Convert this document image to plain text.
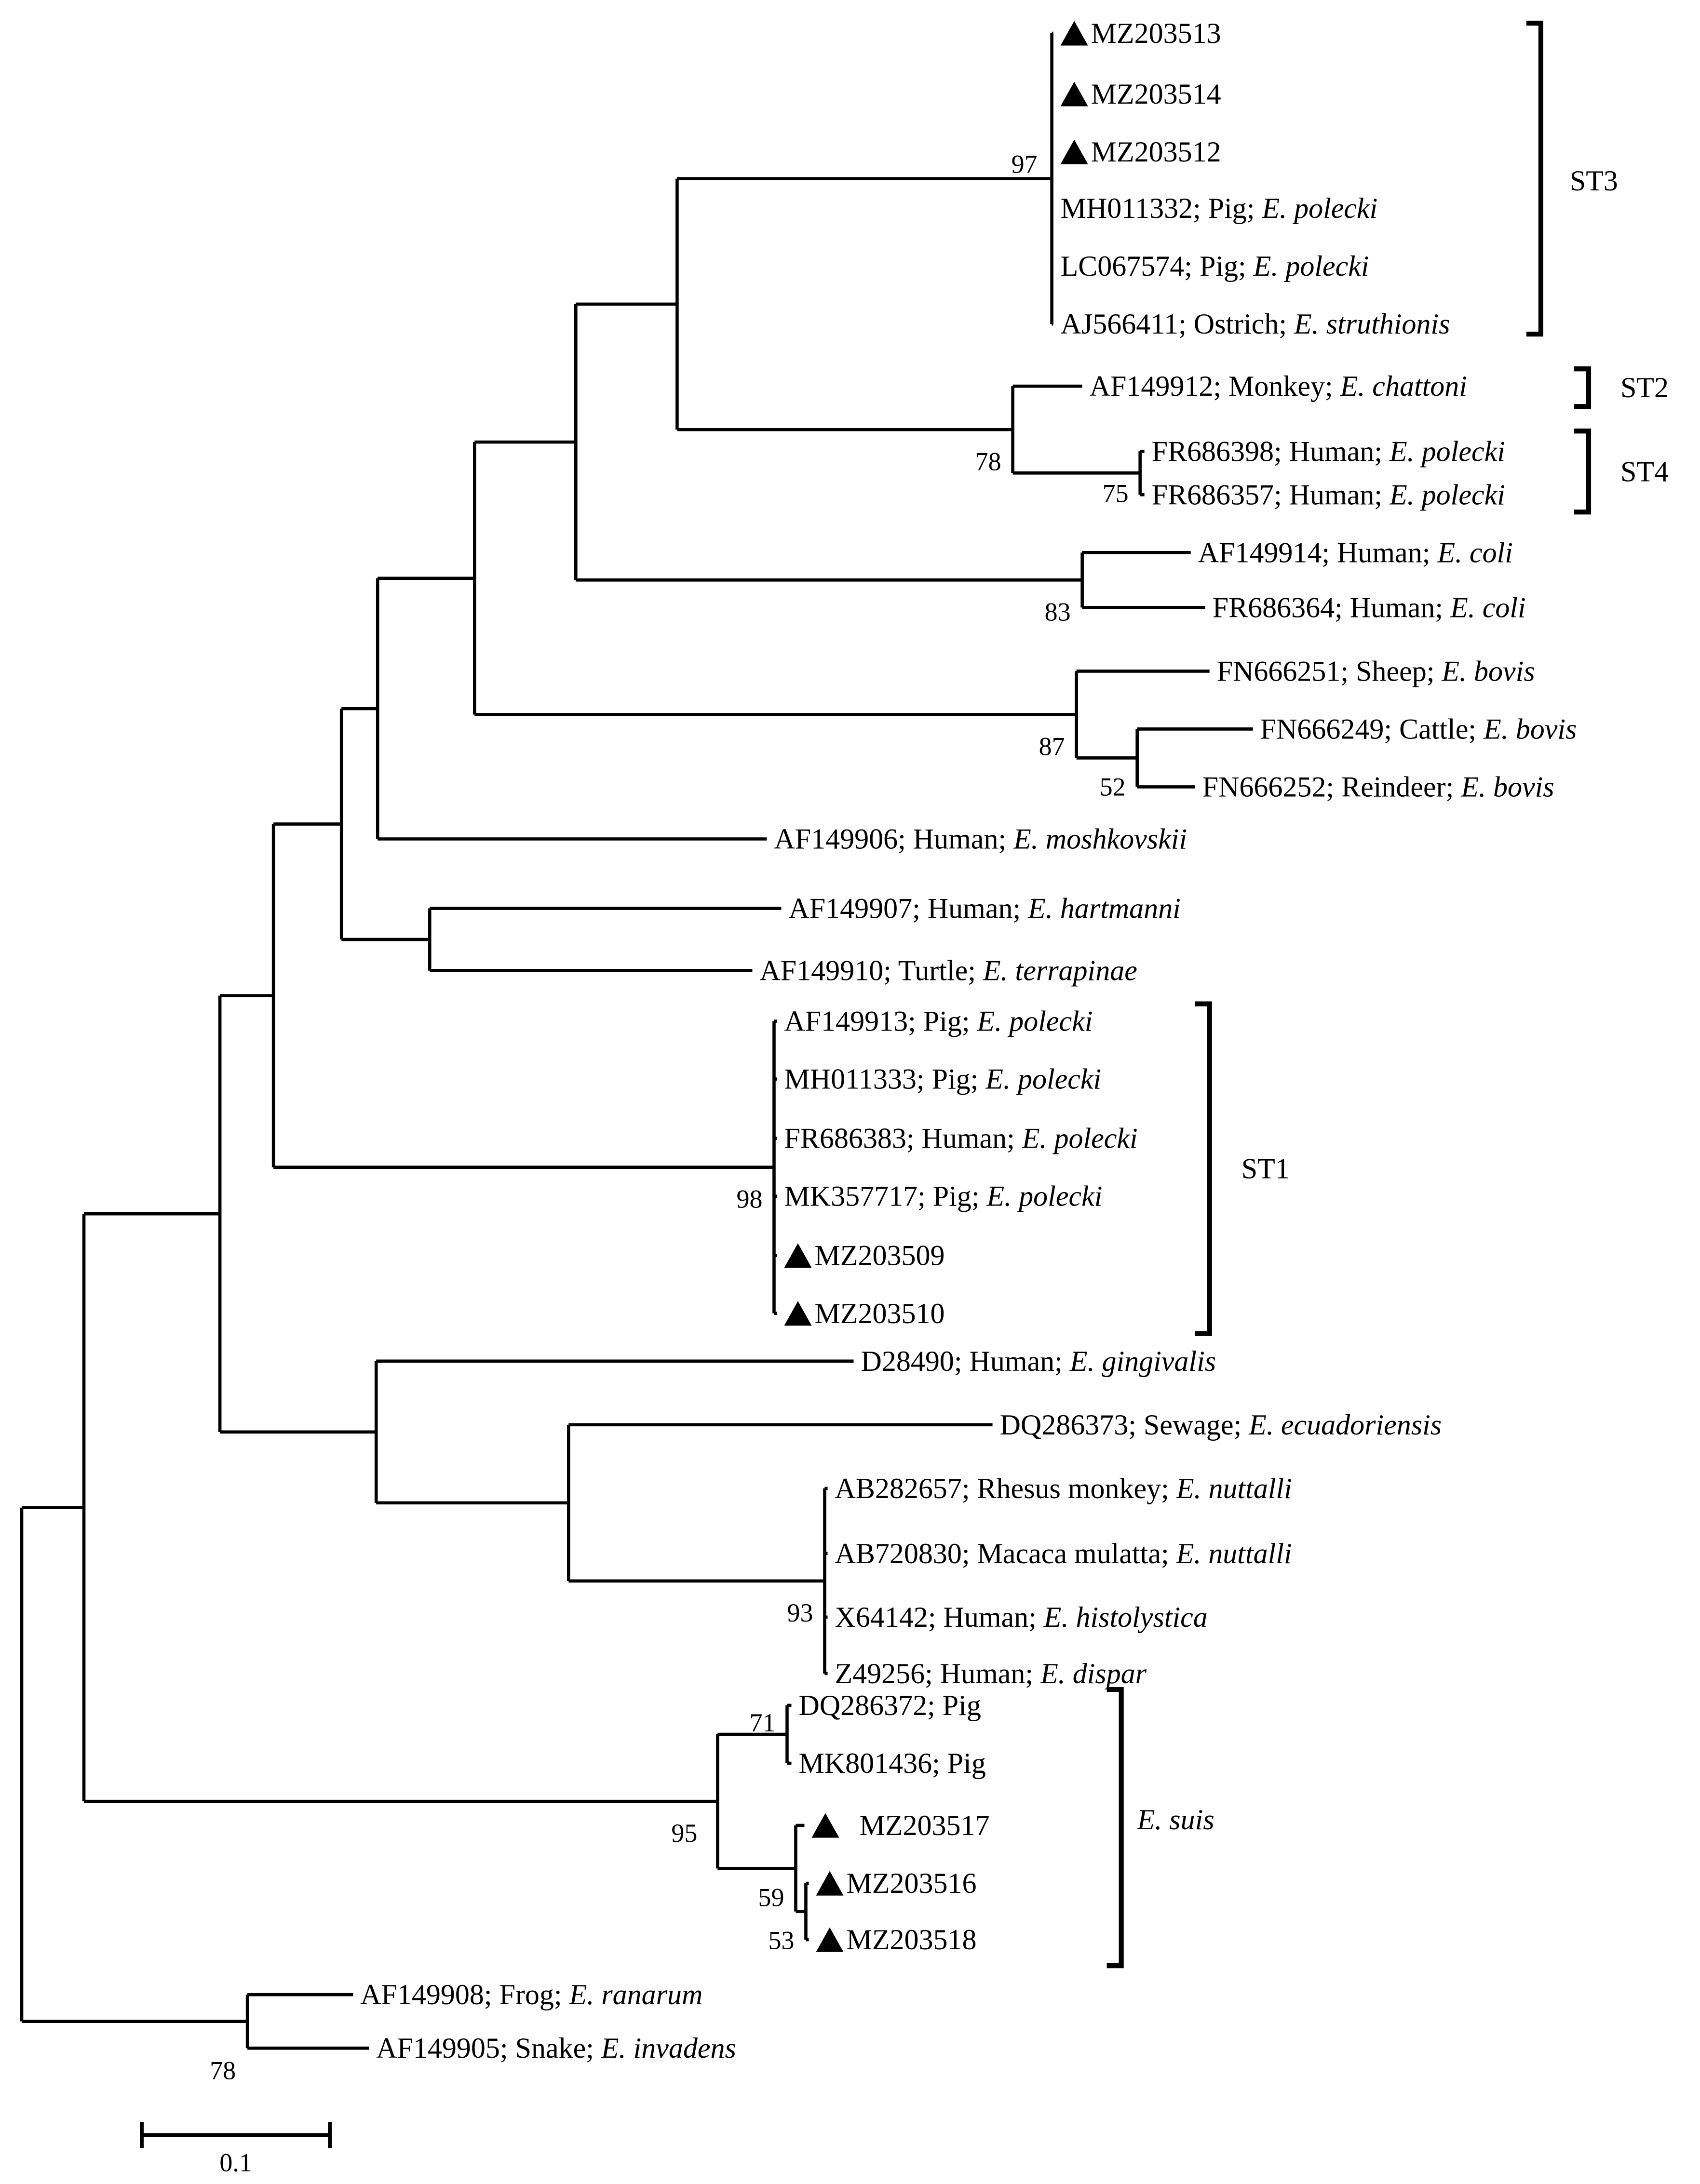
MZ203513
MZ203514
MZ203512
MH011332; Pig; E. polecki
LC067574; Pig; E. polecki
AJ566411; Ostrich; E. struthionis
97
AF149912; Monkey; E. chattoni
FR686398; Human; E. polecki
FR686357; Human; E. polecki
75
78
AF149914; Human; E. coli
FR686364; Human; E. coli
83
FN666251; Sheep; E. bovis
FN666249; Cattle; E. bovis
FN666252; Reindeer; E. bovis
52
87
AF149906; Human; E. moshkovskii
AF149907; Human; E. hartmanni
AF149910; Turtle; E. terrapinae
AF149913; Pig; E. polecki
MH011333; Pig; E. polecki
FR686383; Human; E. polecki
MK357717; Pig; E. polecki
MZ203509
MZ203510
98
D28490; Human; E. gingivalis
DQ286373; Sewage; E. ecuadoriensis
AB282657; Rhesus monkey; E. nuttalli
AB720830; Macaca mulatta; E. nuttalli
X64142; Human; E. histolystica
Z49256; Human; E. dispar
93
DQ286372; Pig
MK801436; Pig
71
MZ203517
MZ203516
MZ203518
53
59
95
AF149908; Frog; E. ranarum
AF149905; Snake; E. invadens
78
ST3
ST2
ST4
ST1
E. suis
0.1
